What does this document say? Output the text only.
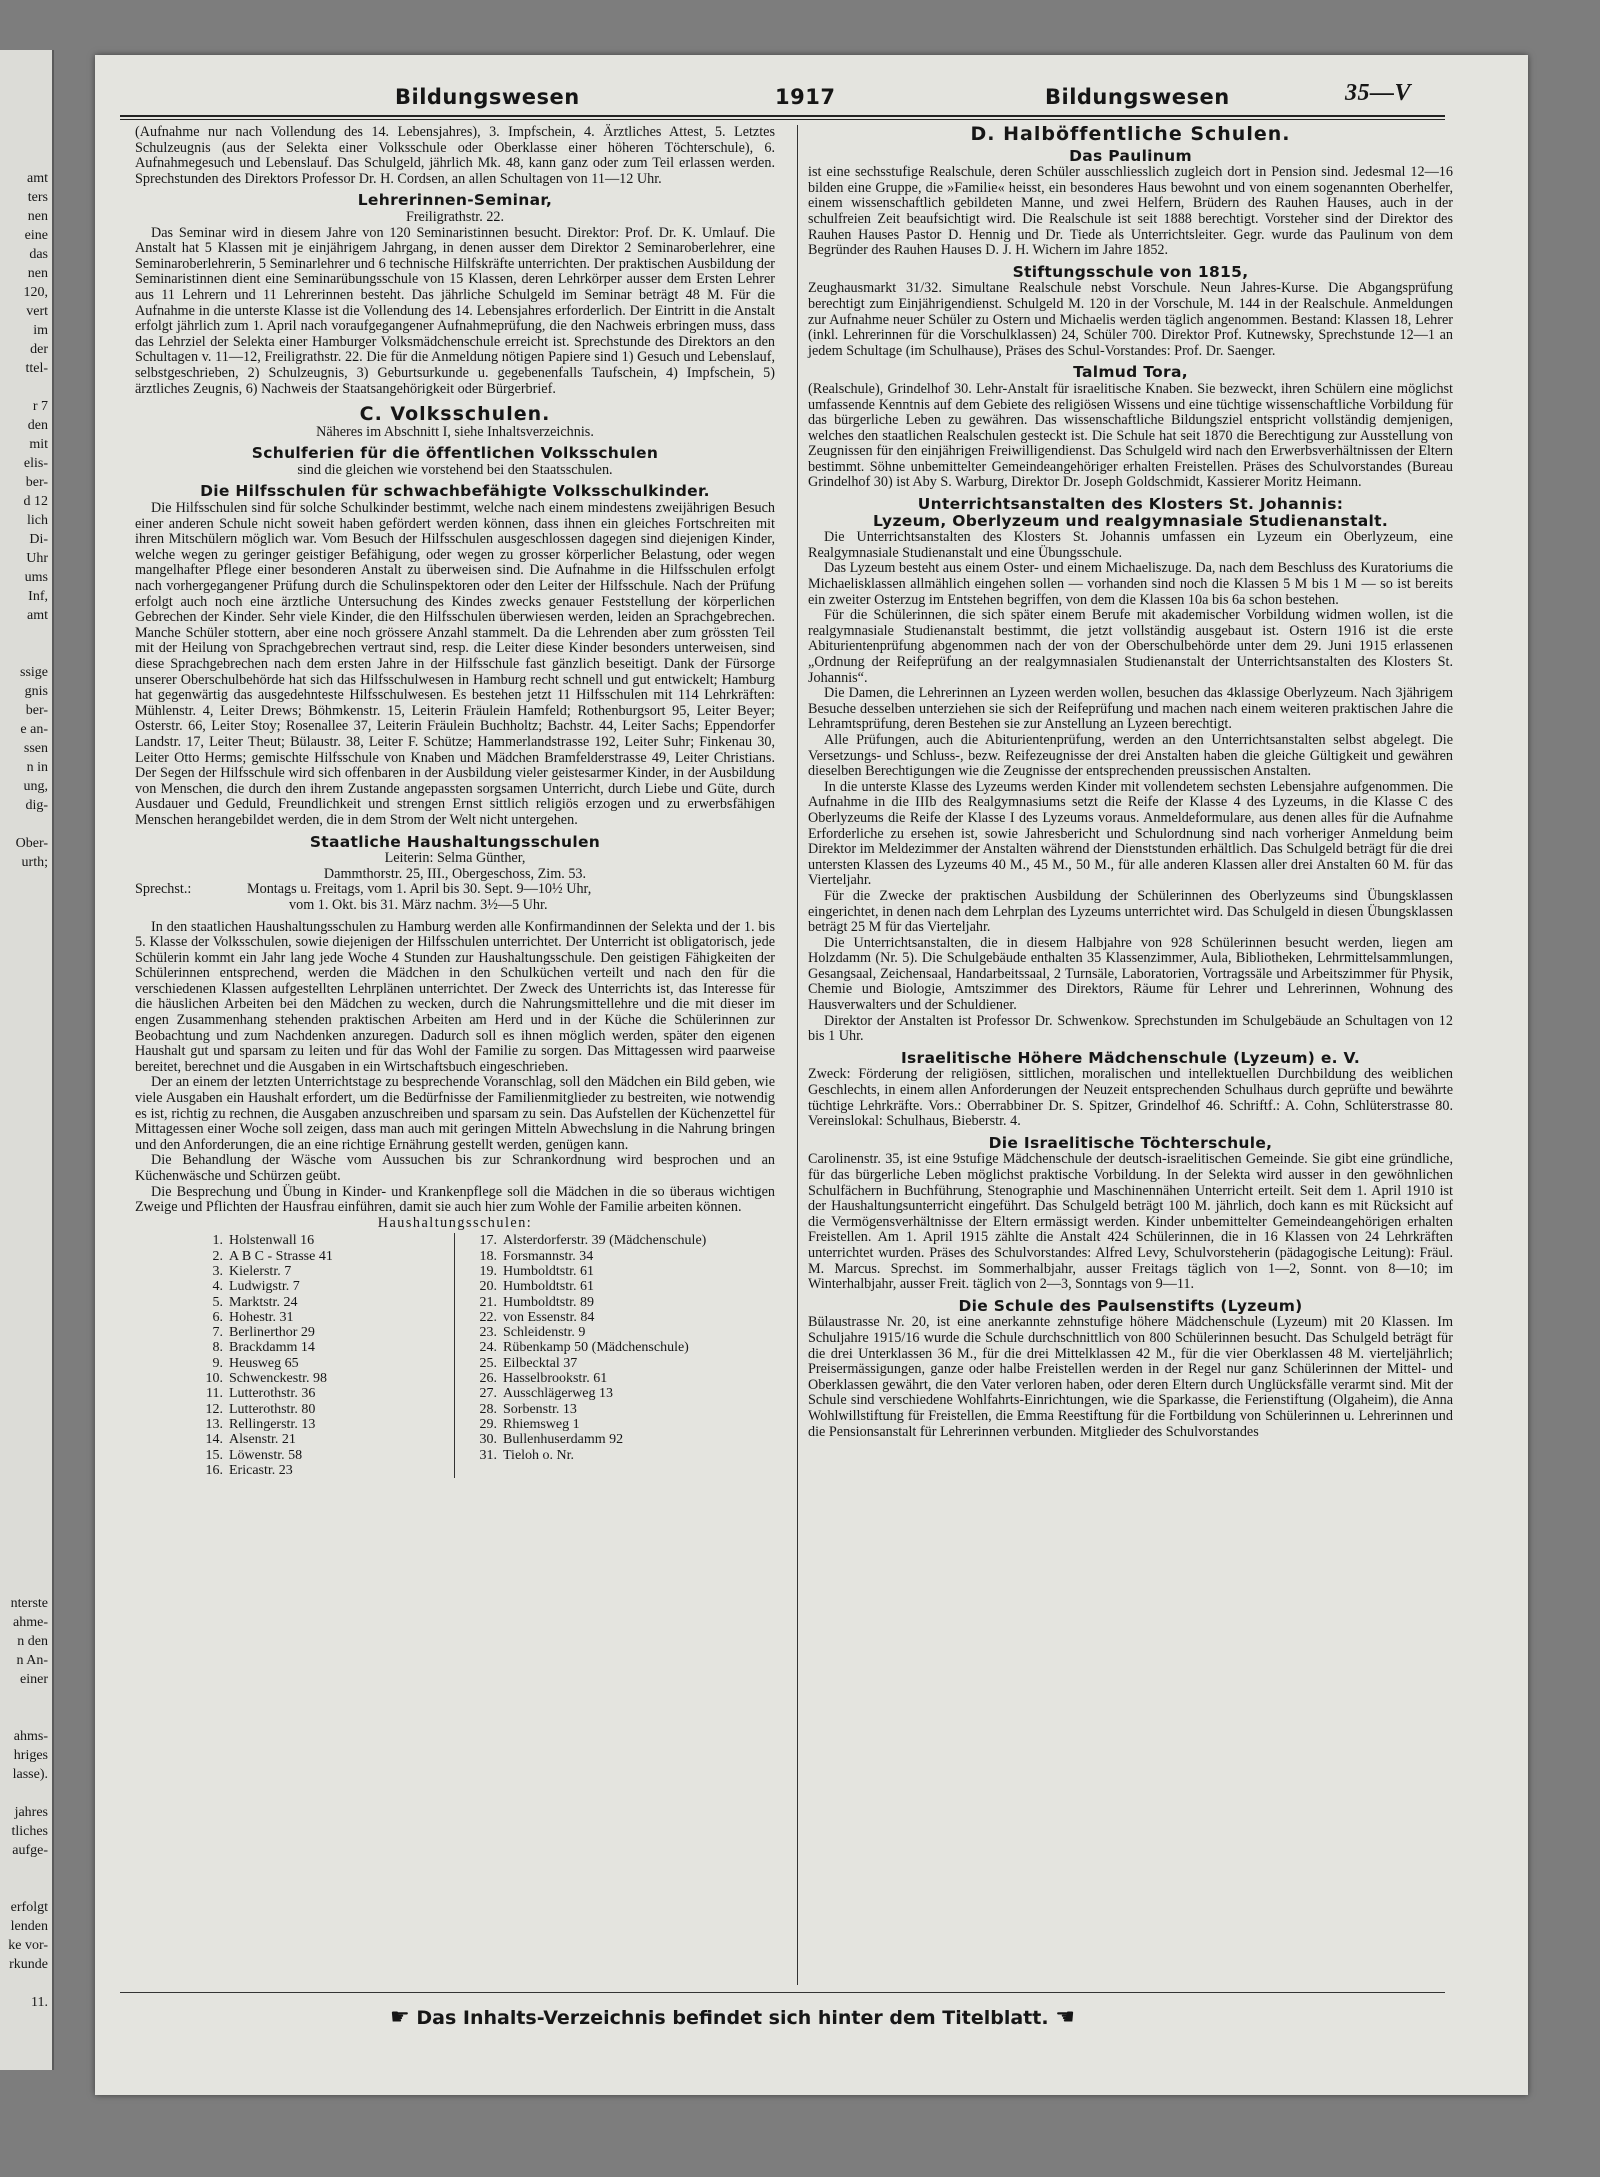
amt
ters
nen
eine
das
nen
120,
vert
im
der
ttel-
r 7
den
mit
elis-
ber-
d 12
lich
Di-
Uhr
ums
Inf,
amt
ssige
gnis
ber-
e an-
ssen
n in
ung,
dig-
Ober-
urth;
nterste
ahme-
n den
n An-
einer
ahms-
hriges
lasse).
jahres
tliches
aufge-
erfolgt
lenden
ke vor-
rkunde
11.
Bildungswesen	1917	Bildungswesen	35—V

(Aufnahme nur nach Vollendung des 14. Lebensjahres), 3. Impfschein, 4. Ärztliches Attest, 5. Letztes Schulzeugnis (aus der Selekta einer Volksschule oder Oberklasse einer höheren Töchterschule), 6. Aufnahmegesuch und Lebenslauf. Das Schulgeld, jährlich Mk. 48, kann ganz oder zum Teil erlassen werden. Sprechstunden des Direktors Professor Dr. H. Cordsen, an allen Schultagen von 11—12 Uhr.

Lehrerinnen-Seminar,
Freiligrathstr. 22.

Das Seminar wird in diesem Jahre von 120 Seminaristinnen besucht. Direktor: Prof. Dr. K. Umlauf. Die Anstalt hat 5 Klassen mit je einjährigem Jahrgang, in denen ausser dem Direktor 2 Seminaroberlehrer, eine Seminaroberlehrerin, 5 Seminarlehrer und 6 technische Hilfskräfte unterrichten. Der praktischen Ausbildung der Seminaristinnen dient eine Seminarübungsschule von 15 Klassen, deren Lehrkörper ausser dem Ersten Lehrer aus 11 Lehrern und 11 Lehrerinnen besteht. Das jährliche Schulgeld im Seminar beträgt 48 M. Für die Aufnahme in die unterste Klasse ist die Vollendung des 14. Lebensjahres erforderlich. Der Eintritt in die Anstalt erfolgt jährlich zum 1. April nach voraufgegangener Aufnahmeprüfung, die den Nachweis erbringen muss, dass das Lehrziel der Selekta einer Hamburger Volksmädchenschule erreicht ist. Sprechstunde des Direktors an den Schultagen v. 11—12, Freiligrathstr. 22. Die für die Anmeldung nötigen Papiere sind 1) Gesuch und Lebenslauf, selbstgeschrieben, 2) Schulzeugnis, 3) Geburtsurkunde u. gegebenenfalls Taufschein, 4) Impfschein, 5) ärztliches Zeugnis, 6) Nachweis der Staatsangehörigkeit oder Bürgerbrief.

C. Volksschulen.
Näheres im Abschnitt I, siehe Inhaltsverzeichnis.
Schulferien für die öffentlichen Volksschulen
sind die gleichen wie vorstehend bei den Staatsschulen.
Die Hilfsschulen für schwachbefähigte Volksschulkinder.

Die Hilfsschulen sind für solche Schulkinder bestimmt, welche nach einem mindestens zweijährigen Besuch einer anderen Schule nicht soweit haben gefördert werden können, dass ihnen ein gleiches Fortschreiten mit ihren Mitschülern möglich war. Vom Besuch der Hilfsschulen ausgeschlossen dagegen sind diejenigen Kinder, welche wegen zu geringer geistiger Befähigung, oder wegen zu grosser körperlicher Belastung, oder wegen mangelhafter Pflege einer besonderen Anstalt zu überweisen sind. Die Aufnahme in die Hilfsschulen erfolgt nach vorhergegangener Prüfung durch die Schulinspektoren oder den Leiter der Hilfsschule. Nach der Prüfung erfolgt auch noch eine ärztliche Untersuchung des Kindes zwecks genauer Feststellung der körperlichen Gebrechen der Kinder. Sehr viele Kinder, die den Hilfsschulen überwiesen werden, leiden an Sprachgebrechen. Manche Schüler stottern, aber eine noch grössere Anzahl stammelt. Da die Lehrenden aber zum grössten Teil mit der Heilung von Sprachgebrechen vertraut sind, resp. die Leiter diese Kinder besonders unterweisen, sind diese Sprachgebrechen nach dem ersten Jahre in der Hilfsschule fast gänzlich beseitigt. Dank der Fürsorge unserer Oberschulbehörde hat sich das Hilfsschulwesen in Hamburg recht schnell und gut entwickelt; Hamburg hat gegenwärtig das ausgedehnteste Hilfsschulwesen. Es bestehen jetzt 11 Hilfsschulen mit 114 Lehrkräften: Mühlenstr. 4, Leiter Drews; Böhmkenstr. 15, Leiterin Fräulein Hamfeld; Rothenburgsort 95, Leiter Beyer; Osterstr. 66, Leiter Stoy; Rosenallee 37, Leiterin Fräulein Buchholtz; Bachstr. 44, Leiter Sachs; Eppendorfer Landstr. 17, Leiter Theut; Bülaustr. 38, Leiter F. Schütze; Hammerlandstrasse 192, Leiter Suhr; Finkenau 30, Leiter Otto Herms; gemischte Hilfsschule von Knaben und Mädchen Bramfelderstrasse 49, Leiter Christians. Der Segen der Hilfsschule wird sich offenbaren in der Ausbildung vieler geistesarmer Kinder, in der Ausbildung von Menschen, die durch den ihrem Zustande angepassten sorgsamen Unterricht, durch Liebe und Güte, durch Ausdauer und Geduld, Freundlichkeit und strengen Ernst sittlich religiös erzogen und zu erwerbsfähigen Menschen herangebildet werden, die in dem Strom der Welt nicht untergehen.

Staatliche Haushaltungsschulen
Leiterin: Selma Günther,
Dammthorstr. 25, III., Obergeschoss, Zim. 53.
Sprechst.:	Montags u. Freitags, vom 1. April bis 30. Sept. 9—10½ Uhr,
vom 1. Okt. bis 31. März nachm. 3½—5 Uhr.

In den staatlichen Haushaltungsschulen zu Hamburg werden alle Konfirmandinnen der Selekta und der 1. bis 5. Klasse der Volksschulen, sowie diejenigen der Hilfsschulen unterrichtet. Der Unterricht ist obligatorisch, jede Schülerin kommt ein Jahr lang jede Woche 4 Stunden zur Haushaltungsschule. Den geistigen Fähigkeiten der Schülerinnen entsprechend, werden die Mädchen in den Schulküchen verteilt und nach den für die verschiedenen Klassen aufgestellten Lehrplänen unterrichtet. Der Zweck des Unterrichts ist, das Interesse für die häuslichen Arbeiten bei den Mädchen zu wecken, durch die Nahrungsmittellehre und die mit dieser im engen Zusammenhang stehenden praktischen Arbeiten am Herd und in der Küche die Schülerinnen zur Beobachtung und zum Nachdenken anzuregen. Dadurch soll es ihnen möglich werden, später den eigenen Haushalt gut und sparsam zu leiten und für das Wohl der Familie zu sorgen. Das Mittagessen wird paarweise bereitet, berechnet und die Ausgaben in ein Wirtschaftsbuch eingeschrieben.

Der an einem der letzten Unterrichtstage zu besprechende Voranschlag, soll den Mädchen ein Bild geben, wie viele Ausgaben ein Haushalt erfordert, um die Bedürfnisse der Familienmitglieder zu bestreiten, wie notwendig es ist, richtig zu rechnen, die Ausgaben anzuschreiben und sparsam zu sein. Das Aufstellen der Küchenzettel für Mittagessen einer Woche soll zeigen, dass man auch mit geringen Mitteln Abwechslung in die Nahrung bringen und den Anforderungen, die an eine richtige Ernährung gestellt werden, genügen kann.

Die Behandlung der Wäsche vom Aussuchen bis zur Schrankordnung wird besprochen und an Küchenwäsche und Schürzen geübt.

Die Besprechung und Übung in Kinder- und Krankenpflege soll die Mädchen in die so überaus wichtigen Zweige und Pflichten der Hausfrau einführen, damit sie auch hier zum Wohle der Familie arbeiten können.

Haushaltungsschulen:
1. Holstenwall 16
2. A B C - Strasse 41
3. Kielerstr. 7
4. Ludwigstr. 7
5. Marktstr. 24
6. Hohestr. 31
7. Berlinerthor 29
8. Brackdamm 14
9. Heusweg 65
10. Schwenckestr. 98
11. Lutterothstr. 36
12. Lutterothstr. 80
13. Rellingerstr. 13
14. Alsenstr. 21
15. Löwenstr. 58
16. Ericastr. 23
17. Alsterdorferstr. 39 (Mädchenschule)
18. Forsmannstr. 34
19. Humboldtstr. 61
20. Humboldtstr. 61
21. Humboldtstr. 89
22. von Essenstr. 84
23. Schleidenstr. 9
24. Rübenkamp 50 (Mädchenschule)
25. Eilbecktal 37
26. Hasselbrookstr. 61
27. Ausschlägerweg 13
28. Sorbenstr. 13
29. Rhiemsweg 1
30. Bullenhuserdamm 92
31. Tieloh o. Nr.
D. Halböffentliche Schulen.
Das Paulinum

ist eine sechsstufige Realschule, deren Schüler ausschliesslich zugleich dort in Pension sind. Jedesmal 12—16 bilden eine Gruppe, die »Familie« heisst, ein besonderes Haus bewohnt und von einem sogenannten Oberhelfer, einem wissenschaftlich gebildeten Manne, und zwei Helfern, Brüdern des Rauhen Hauses, auch in der schulfreien Zeit beaufsichtigt wird. Die Realschule ist seit 1888 berechtigt. Vorsteher sind der Direktor des Rauhen Hauses Pastor D. Hennig und Dr. Tiede als Unterrichtsleiter. Gegr. wurde das Paulinum von dem Begründer des Rauhen Hauses D. J. H. Wichern im Jahre 1852.

Stiftungsschule von 1815,

Zeughausmarkt 31/32. Simultane Realschule nebst Vorschule. Neun Jahres-Kurse. Die Abgangsprüfung berechtigt zum Einjährigendienst. Schulgeld M. 120 in der Vorschule, M. 144 in der Realschule. Anmeldungen zur Aufnahme neuer Schüler zu Ostern und Michaelis werden täglich angenommen. Bestand: Klassen 18, Lehrer (inkl. Lehrerinnen für die Vorschulklassen) 24, Schüler 700. Direktor Prof. Kutnewsky, Sprechstunde 12—1 an jedem Schultage (im Schulhause), Präses des Schul-Vorstandes: Prof. Dr. Saenger.

Talmud Tora,

(Realschule), Grindelhof 30. Lehr-Anstalt für israelitische Knaben. Sie bezweckt, ihren Schülern eine möglichst umfassende Kenntnis auf dem Gebiete des religiösen Wissens und eine tüchtige wissenschaftliche Vorbildung für das bürgerliche Leben zu gewähren. Das wissenschaftliche Bildungsziel entspricht vollständig demjenigen, welches den staatlichen Realschulen gesteckt ist. Die Schule hat seit 1870 die Berechtigung zur Ausstellung von Zeugnissen für den einjährigen Freiwilligendienst. Das Schulgeld wird nach den Erwerbsverhältnissen der Eltern bestimmt. Söhne unbemittelter Gemeindeangehöriger erhalten Freistellen. Präses des Schulvorstandes (Bureau Grindelhof 30) ist Aby S. Warburg, Direktor Dr. Joseph Goldschmidt, Kassierer Moritz Heimann.

Unterrichtsanstalten des Klosters St. Johannis:
Lyzeum, Oberlyzeum und realgymnasiale Studienanstalt.

Die Unterrichtsanstalten des Klosters St. Johannis umfassen ein Lyzeum ein Oberlyzeum, eine Realgymnasiale Studienanstalt und eine Übungsschule.

Das Lyzeum besteht aus einem Oster- und einem Michaeliszuge. Da, nach dem Beschluss des Kuratoriums die Michaelisklassen allmählich eingehen sollen — vorhanden sind noch die Klassen 5 M bis 1 M — so ist bereits ein zweiter Osterzug im Entstehen begriffen, von dem die Klassen 10a bis 6a schon bestehen.

Für die Schülerinnen, die sich später einem Berufe mit akademischer Vorbildung widmen wollen, ist die realgymnasiale Studienanstalt bestimmt, die jetzt vollständig ausgebaut ist. Ostern 1916 ist die erste Abiturientenprüfung abgenommen nach der von der Oberschulbehörde unter dem 29. Juni 1915 erlassenen „Ordnung der Reifeprüfung an der realgymnasialen Studienanstalt der Unterrichtsanstalten des Klosters St. Johannis“.

Die Damen, die Lehrerinnen an Lyzeen werden wollen, besuchen das 4klassige Oberlyzeum. Nach 3jährigem Besuche desselben unterziehen sie sich der Reifeprüfung und machen nach einem weiteren praktischen Jahre die Lehramtsprüfung, deren Bestehen sie zur Anstellung an Lyzeen berechtigt.

Alle Prüfungen, auch die Abiturientenprüfung, werden an den Unterrichtsanstalten selbst abgelegt. Die Versetzungs- und Schluss-, bezw. Reifezeugnisse der drei Anstalten haben die gleiche Gültigkeit und gewähren dieselben Berechtigungen wie die Zeugnisse der entsprechenden preussischen Anstalten.

In die unterste Klasse des Lyzeums werden Kinder mit vollendetem sechsten Lebensjahre aufgenommen. Die Aufnahme in die IIIb des Realgymnasiums setzt die Reife der Klasse 4 des Lyzeums, in die Klasse C des Oberlyzeums die Reife der Klasse I des Lyzeums voraus. Anmeldeformulare, aus denen alles für die Aufnahme Erforderliche zu ersehen ist, sowie Jahresbericht und Schulordnung sind nach vorheriger Anmeldung beim Direktor im Meldezimmer der Anstalten während der Dienststunden erhältlich. Das Schulgeld beträgt für die drei untersten Klassen des Lyzeums 40 M., 45 M., 50 M., für alle anderen Klassen aller drei Anstalten 60 M. für das Vierteljahr.

Für die Zwecke der praktischen Ausbildung der Schülerinnen des Oberlyzeums sind Übungsklassen eingerichtet, in denen nach dem Lehrplan des Lyzeums unterrichtet wird. Das Schulgeld in diesen Übungsklassen beträgt 25 M für das Vierteljahr.

Die Unterrichtsanstalten, die in diesem Halbjahre von 928 Schülerinnen besucht werden, liegen am Holzdamm (Nr. 5). Die Schulgebäude enthalten 35 Klassenzimmer, Aula, Bibliotheken, Lehrmittelsammlungen, Gesangsaal, Zeichensaal, Handarbeitssaal, 2 Turnsäle, Laboratorien, Vortragssäle und Arbeitszimmer für Physik, Chemie und Biologie, Amtszimmer des Direktors, Räume für Lehrer und Lehrerinnen, Wohnung des Hausverwalters und der Schuldiener.

Direktor der Anstalten ist Professor Dr. Schwenkow. Sprechstunden im Schulgebäude an Schultagen von 12 bis 1 Uhr.

Israelitische Höhere Mädchenschule (Lyzeum) e. V.

Zweck: Förderung der religiösen, sittlichen, moralischen und intellektuellen Durchbildung des weiblichen Geschlechts, in einem allen Anforderungen der Neuzeit entsprechenden Schulhaus durch geprüfte und bewährte tüchtige Lehrkräfte. Vors.: Oberrabbiner Dr. S. Spitzer, Grindelhof 46. Schriftf.: A. Cohn, Schlüterstrasse 80. Vereinslokal: Schulhaus, Bieberstr. 4.

Die Israelitische Töchterschule,

Carolinenstr. 35, ist eine 9stufige Mädchenschule der deutsch-israelitischen Gemeinde. Sie gibt eine gründliche, für das bürgerliche Leben möglichst praktische Vorbildung. In der Selekta wird ausser in den gewöhnlichen Schulfächern in Buchführung, Stenographie und Maschinennähen Unterricht erteilt. Seit dem 1. April 1910 ist der Haushaltungsunterricht eingeführt. Das Schulgeld beträgt 100 M. jährlich, doch kann es mit Rücksicht auf die Vermögensverhältnisse der Eltern ermässigt werden. Kinder unbemittelter Gemeindeangehörigen erhalten Freistellen. Am 1. April 1915 zählte die Anstalt 424 Schülerinnen, die in 16 Klassen von 24 Lehrkräften unterrichtet wurden. Präses des Schulvorstandes: Alfred Levy, Schulvorsteherin (pädagogische Leitung): Fräul. M. Marcus. Sprechst. im Sommerhalbjahr, ausser Freitags täglich von 1—2, Sonnt. von 8—10; im Winterhalbjahr, ausser Freit. täglich von 2—3, Sonntags von 9—11.

Die Schule des Paulsenstifts (Lyzeum)

Bülaustrasse Nr. 20, ist eine anerkannte zehnstufige höhere Mädchenschule (Lyzeum) mit 20 Klassen. Im Schuljahre 1915/16 wurde die Schule durchschnittlich von 800 Schülerinnen besucht. Das Schulgeld beträgt für die drei Unterklassen 36 M., für die drei Mittelklassen 42 M., für die vier Oberklassen 48 M. vierteljährlich; Preisermässigungen, ganze oder halbe Freistellen werden in der Regel nur ganz Schülerinnen der Mittel- und Oberklassen gewährt, die den Vater verloren haben, oder deren Eltern durch Unglücksfälle verarmt sind. Mit der Schule sind verschiedene Wohlfahrts-Einrichtungen, wie die Sparkasse, die Ferienstiftung (Olgaheim), die Anna Wohlwillstiftung für Freistellen, die Emma Reestiftung für die Fortbildung von Schülerinnen u. Lehrerinnen und die Pensionsanstalt für Lehrerinnen verbunden. Mitglieder des Schulvorstandes

☛ Das Inhalts-Verzeichnis befindet sich hinter dem Titelblatt. ☚
